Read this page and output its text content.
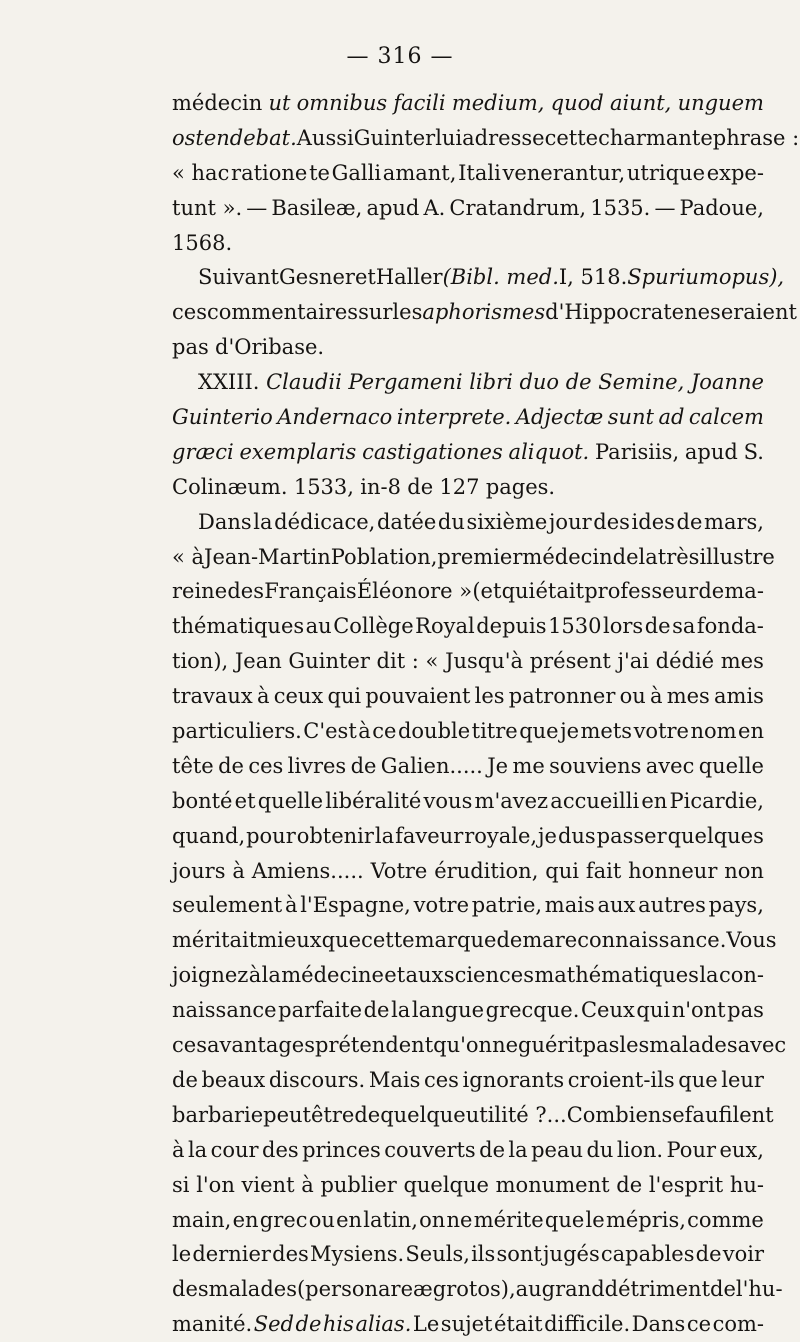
— 316 —
médecin ut omnibus facili medium, quod aiunt, unguem
ostendebat. Aussi Guinter lui adresse cette charmante phrase :
« hac ratione te Galli amant, Itali venerantur, utrique expe-
tunt ». — Basileæ, apud A. Cratandrum, 1535. — Padoue,
1568.
Suivant Gesner et Haller (Bibl. med. I, 518. Spurium opus),
ces commentaires sur les aphorismes d'Hippocrate ne seraient
pas d'Oribase.
XXIII. Claudii Pergameni libri duo de Semine, Joanne
Guinterio Andernaco interprete. Adjectæ sunt ad calcem
græci exemplaris castigationes aliquot. Parisiis, apud S.
Colinæum. 1533, in-8 de 127 pages.
Dans la dédicace, datée du sixième jour des ides de mars,
« à Jean-Martin Poblation, premier médecin de la très illustre
reine des Français Éléonore » (et qui était professeur de ma-
thématiques au Collège Royal depuis 1530 lors de sa fonda-
tion), Jean Guinter dit : « Jusqu'à présent j'ai dédié mes
travaux à ceux qui pouvaient les patronner ou à mes amis
particuliers. C'est à ce double titre que je mets votre nom en
tête de ces livres de Galien..... Je me souviens avec quelle
bonté et quelle libéralité vous m'avez accueilli en Picardie,
quand, pour obtenir la faveur royale, je dus passer quelques
jours à Amiens..... Votre érudition, qui fait honneur non
seulement à l'Espagne, votre patrie, mais aux autres pays,
méritait mieux que cette marque de ma reconnaissance. Vous
joignez à la médecine et aux sciences mathématiques la con-
naissance parfaite de la langue grecque. Ceux qui n'ont pas
ces avantages prétendent qu'on ne guérit pas les malades avec
de beaux discours. Mais ces ignorants croient-ils que leur
barbarie peut être de quelque utilité ?... Combien se faufilent
à la cour des princes couverts de la peau du lion. Pour eux,
si l'on vient à publier quelque monument de l'esprit hu-
main, en grec ou en latin, on ne mérite que le mépris, comme
le dernier des Mysiens. Seuls, ils sont jugés capables de voir
des malades (personare ægrotos), au grand détriment de l'hu-
manité. Sed de his alias. Le sujet était difficile. Dans ce com-
